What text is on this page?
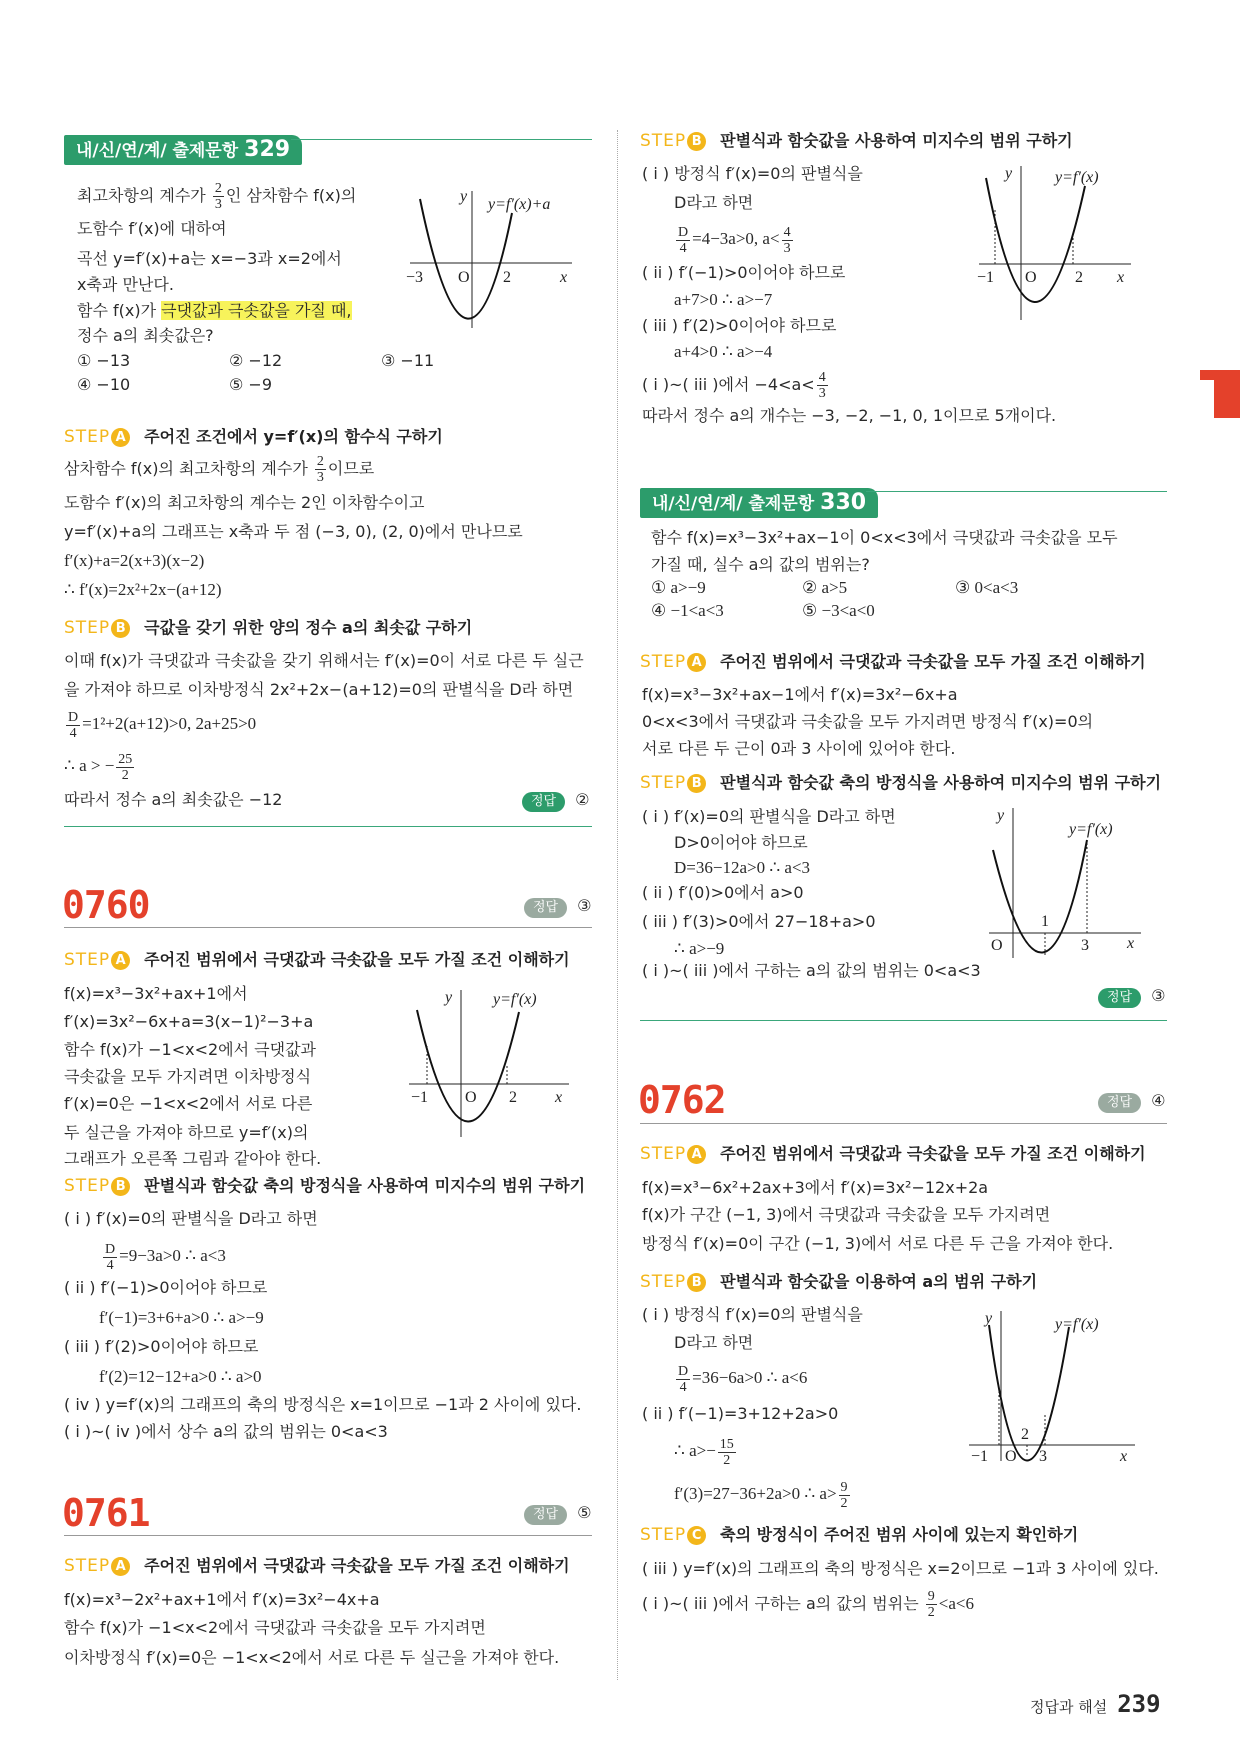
내/신/연/계/ 출제문항 329
최고차항의 계수가 $\frac{2}{3}$ 인 삼차함수 f(x)의
도함수 f′(x)에 대하여
곡선 y=f′(x)+a는 x=−3과 x=2에서
x축과 만난다.
함수 f(x)가 극댓값과 극솟값을 가질 때,
정수 a의 최솟값은?
① −13	② −12	③ −11
④ −10	⑤ −9
y y=f′(x)+a
−3 O 2	x
STEP A 주어진 조건에서 y=f′(x)의 함수식 구하기
삼차함수 f(x)의 최고차항의 계수가 $\frac{2}{3}$ 이므로
도함수 f′(x)의 최고차항의 계수는 2인 이차함수이고
y=f′(x)+a의 그래프는 x축과 두 점 (−3, 0), (2, 0)에서 만나므로
f′(x)+a=2(x+3)(x−2)
∴ f′(x)=2x²+2x−(a+12)
STEP B 극값을 갖기 위한 양의 정수 a의 최솟값 구하기
이때 f(x)가 극댓값과 극솟값을 갖기 위해서는 f′(x)=0이 서로 다른 두 실근
을 가져야 하므로 이차방정식 2x²+2x−(a+12)=0의 판별식을 D라 하면
$\frac{D}{4} =1^2+2(a+12)>0$, 2a+25>0
∴ a > − $\frac{25}{2}$
따라서 정수 a의 최솟값은 −12	정답 ②
0760	정답 ③
STEP A 주어진 범위에서 극댓값과 극솟값을 모두 가질 조건 이해하기
f(x)=x³−3x²+ax+1에서
f′(x)=3x²−6x+a=3(x−1)²−3+a
함수 f(x)가 −1<x<2에서 극댓값과
극솟값을 모두 가지려면 이차방정식
f′(x)=0은 −1<x<2에서 서로 다른
두 실근을 가져야 하므로 y=f′(x)의
그래프가 오른쪽 그림과 같아야 한다.
y	y=f′(x)
−1 O 2 x
STEP B 판별식과 함숫값 축의 방정식을 사용하여 미지수의 범위 구하기
( i ) f′(x)=0의 판별식을 D라고 하면
$\frac{D}{4} =9-3a>0$ ∴ a<3
( ii ) f′(−1)>0이어야 하므로
f′(−1)=3+6+a>0 ∴ a>−9
( iii ) f′(2)>0이어야 하므로
f′(2)=12−12+a>0 ∴ a>0
( iv ) y=f′(x)의 그래프의 축의 방정식은 x=1이므로 −1과 2 사이에 있다.
( i )~( iv )에서 상수 a의 값의 범위는 0<a<3
0761	정답 ⑤
STEP A 주어진 범위에서 극댓값과 극솟값을 모두 가질 조건 이해하기
f(x)=x³−2x²+ax+1에서 f′(x)=3x²−4x+a
함수 f(x)가 −1<x<2에서 극댓값과 극솟값을 모두 가지려면
이차방정식 f′(x)=0은 −1<x<2에서 서로 다른 두 실근을 가져야 한다.
STEP B 판별식과 함숫값을 사용하여 미지수의 범위 구하기
( i ) 방정식 f′(x)=0의 판별식을
D라고 하면
$\frac{D}{4} =4-3a>0$, $a< \frac{4}{3}$
( ii ) f′(−1)>0이어야 하므로
a+7>0 ∴ a>−7
( iii ) f′(2)>0이어야 하므로
a+4>0 ∴ a>−4
( i )~( iii )에서 $-4<a< \frac{4}{3}$
따라서 정수 a의 개수는 −3, −2, −1, 0, 1이므로 5개이다.
y	y=f′(x)
−1 O 2 x
내/신/연/계/ 출제문항 330
함수 f(x)=x³−3x²+ax−1이 0<x<3에서 극댓값과 극솟값을 모두
가질 때, 실수 a의 값의 범위는?
① a>−9	② a>5	③ 0<a<3
④ −1<a<3	⑤ −3<a<0
STEP A 주어진 범위에서 극댓값과 극솟값을 모두 가질 조건 이해하기
f(x)=x³−3x²+ax−1에서 f′(x)=3x²−6x+a
0<x<3에서 극댓값과 극솟값을 모두 가지려면 방정식 f′(x)=0의
서로 다른 두 근이 0과 3 사이에 있어야 한다.
STEP B 판별식과 함숫값 축의 방정식을 사용하여 미지수의 범위 구하기
( i ) f′(x)=0의 판별식을 D라고 하면
D>0이어야 하므로
D=36−12a>0 ∴ a<3
( ii ) f′(0)>0에서 a>0
( iii ) f′(3)>0에서 27−18+a>0
∴ a>−9
( i )~( iii )에서 구하는 a의 값의 범위는 0<a<3
y
y=f′(x)
1
O	3 x
정답 ③
0762	정답 ④
STEP A 주어진 범위에서 극댓값과 극솟값을 모두 가질 조건 이해하기
f(x)=x³−6x²+2ax+3에서 f′(x)=3x²−12x+2a
f(x)가 구간 (−1, 3)에서 극댓값과 극솟값을 모두 가지려면
방정식 f′(x)=0이 구간 (−1, 3)에서 서로 다른 두 근을 가져야 한다.
STEP B 판별식과 함숫값을 이용하여 a의 범위 구하기
( i ) 방정식 f′(x)=0의 판별식을
D라고 하면
$\frac{D}{4} =36-6a>0$ ∴ a<6
( ii ) f′(−1)=3+12+2a>0
∴ $a>- \frac{15}{2}$
f′(3)=27−36+2a>0 ∴ $a> \frac{9}{2}$
y	y=f′(x)
−1 O
2
3	x
STEP C 축의 방정식이 주어진 범위 사이에 있는지 확인하기
( iii ) y=f′(x)의 그래프의 축의 방정식은 x=2이므로 −1과 3 사이에 있다.
( i )~( iii )에서 구하는 a의 값의 범위는 $\frac{9}{2} <a<6$
정답과 해설 239
